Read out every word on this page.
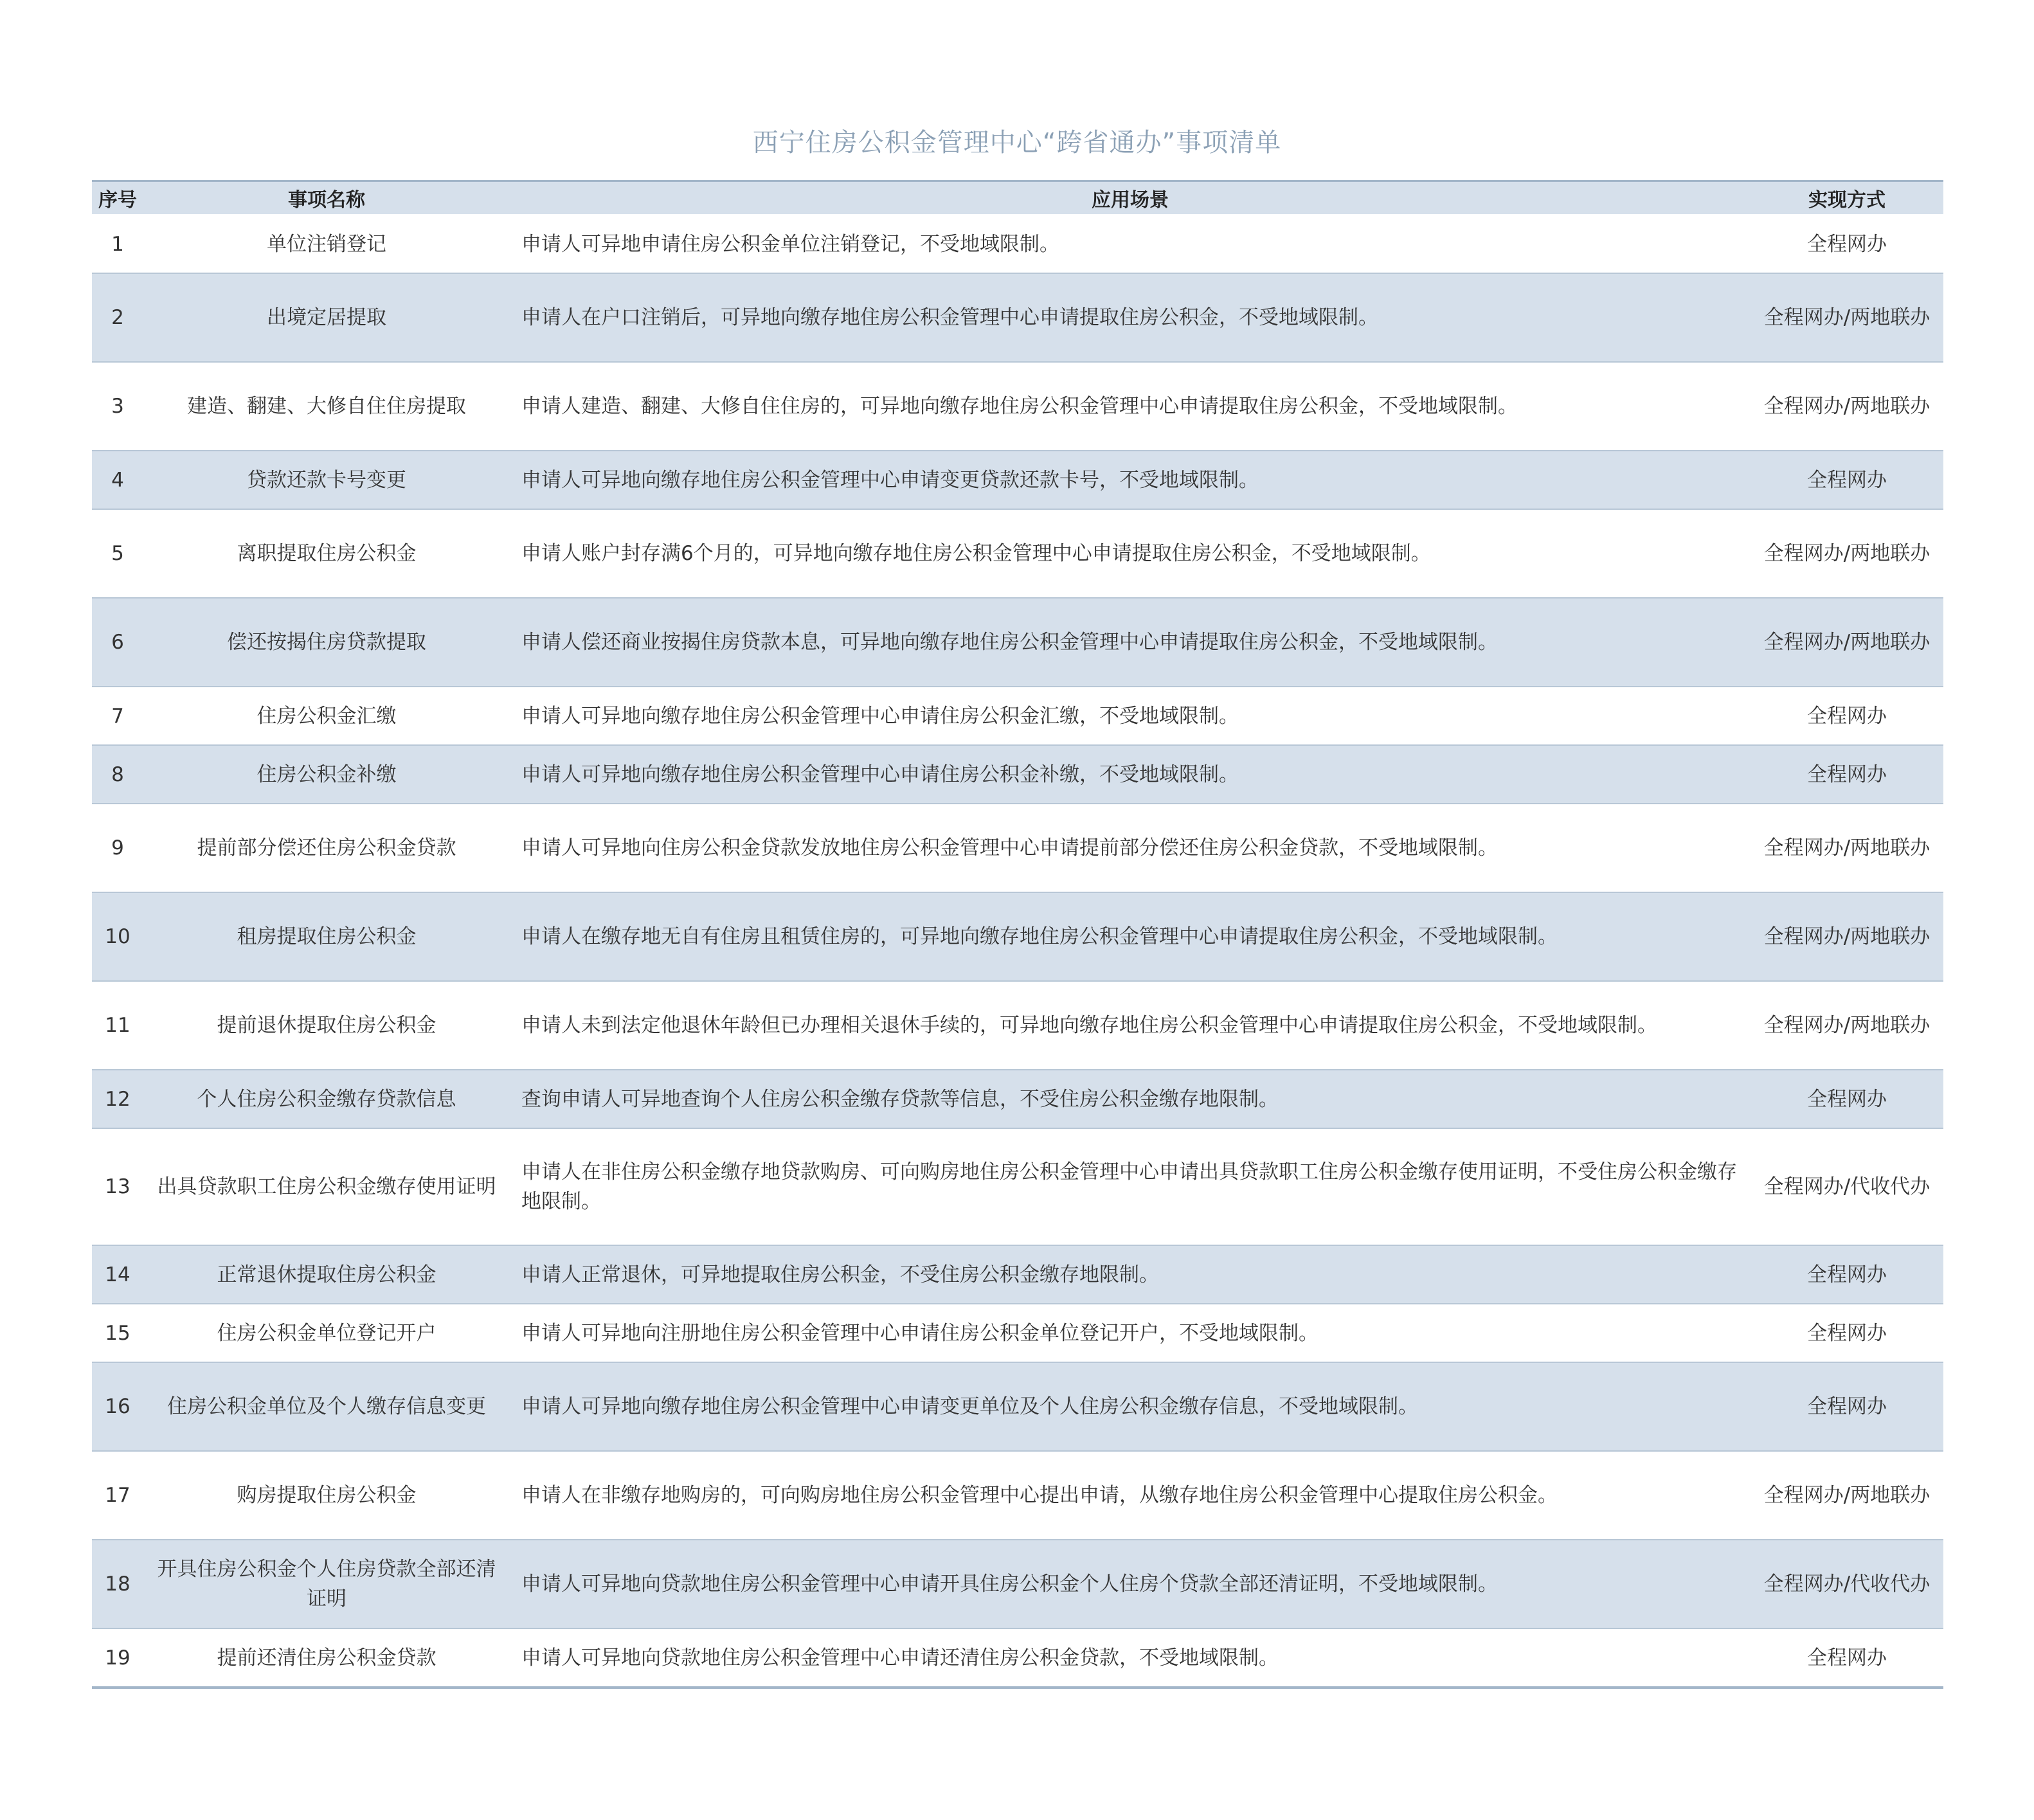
西宁住房公积金管理中心“跨省通办”事项清单
序号	事项名称	应用场景	实现方式
1	单位注销登记	申请人可异地申请住房公积金单位注销登记，不受地域限制。	全程网办
2	出境定居提取	申请人在户口注销后，可异地向缴存地住房公积金管理中心申请提取住房公积金，不受地域限制。	全程网办/两地联办
3	建造、翻建、大修自住住房提取	申请人建造、翻建、大修自住住房的，可异地向缴存地住房公积金管理中心申请提取住房公积金，不受地域限制。	全程网办/两地联办
4	贷款还款卡号变更	申请人可异地向缴存地住房公积金管理中心申请变更贷款还款卡号，不受地域限制。	全程网办
5	离职提取住房公积金	申请人账户封存满6个月的，可异地向缴存地住房公积金管理中心申请提取住房公积金，不受地域限制。	全程网办/两地联办
6	偿还按揭住房贷款提取	申请人偿还商业按揭住房贷款本息，可异地向缴存地住房公积金管理中心申请提取住房公积金，不受地域限制。	全程网办/两地联办
7	住房公积金汇缴	申请人可异地向缴存地住房公积金管理中心申请住房公积金汇缴，不受地域限制。	全程网办
8	住房公积金补缴	申请人可异地向缴存地住房公积金管理中心申请住房公积金补缴，不受地域限制。	全程网办
9	提前部分偿还住房公积金贷款	申请人可异地向住房公积金贷款发放地住房公积金管理中心申请提前部分偿还住房公积金贷款，不受地域限制。	全程网办/两地联办
10	租房提取住房公积金	申请人在缴存地无自有住房且租赁住房的，可异地向缴存地住房公积金管理中心申请提取住房公积金，不受地域限制。	全程网办/两地联办
11	提前退休提取住房公积金	申请人未到法定他退休年龄但已办理相关退休手续的，可异地向缴存地住房公积金管理中心申请提取住房公积金，不受地域限制。	全程网办/两地联办
12	个人住房公积金缴存贷款信息	查询申请人可异地查询个人住房公积金缴存贷款等信息，不受住房公积金缴存地限制。	全程网办
13	出具贷款职工住房公积金缴存使用证明	申请人在非住房公积金缴存地贷款购房、可向购房地住房公积金管理中心申请出具贷款职工住房公积金缴存使用证明，不受住房公积金缴存地限制。	全程网办/代收代办
14	正常退休提取住房公积金	申请人正常退休，可异地提取住房公积金，不受住房公积金缴存地限制。	全程网办
15	住房公积金单位登记开户	申请人可异地向注册地住房公积金管理中心申请住房公积金单位登记开户，不受地域限制。	全程网办
16	住房公积金单位及个人缴存信息变更	申请人可异地向缴存地住房公积金管理中心申请变更单位及个人住房公积金缴存信息，不受地域限制。	全程网办
17	购房提取住房公积金	申请人在非缴存地购房的，可向购房地住房公积金管理中心提出申请，从缴存地住房公积金管理中心提取住房公积金。	全程网办/两地联办
18	开具住房公积金个人住房贷款全部还清证明	申请人可异地向贷款地住房公积金管理中心申请开具住房公积金个人住房个贷款全部还清证明，不受地域限制。	全程网办/代收代办
19	提前还清住房公积金贷款	申请人可异地向贷款地住房公积金管理中心申请还清住房公积金贷款，不受地域限制。	全程网办
